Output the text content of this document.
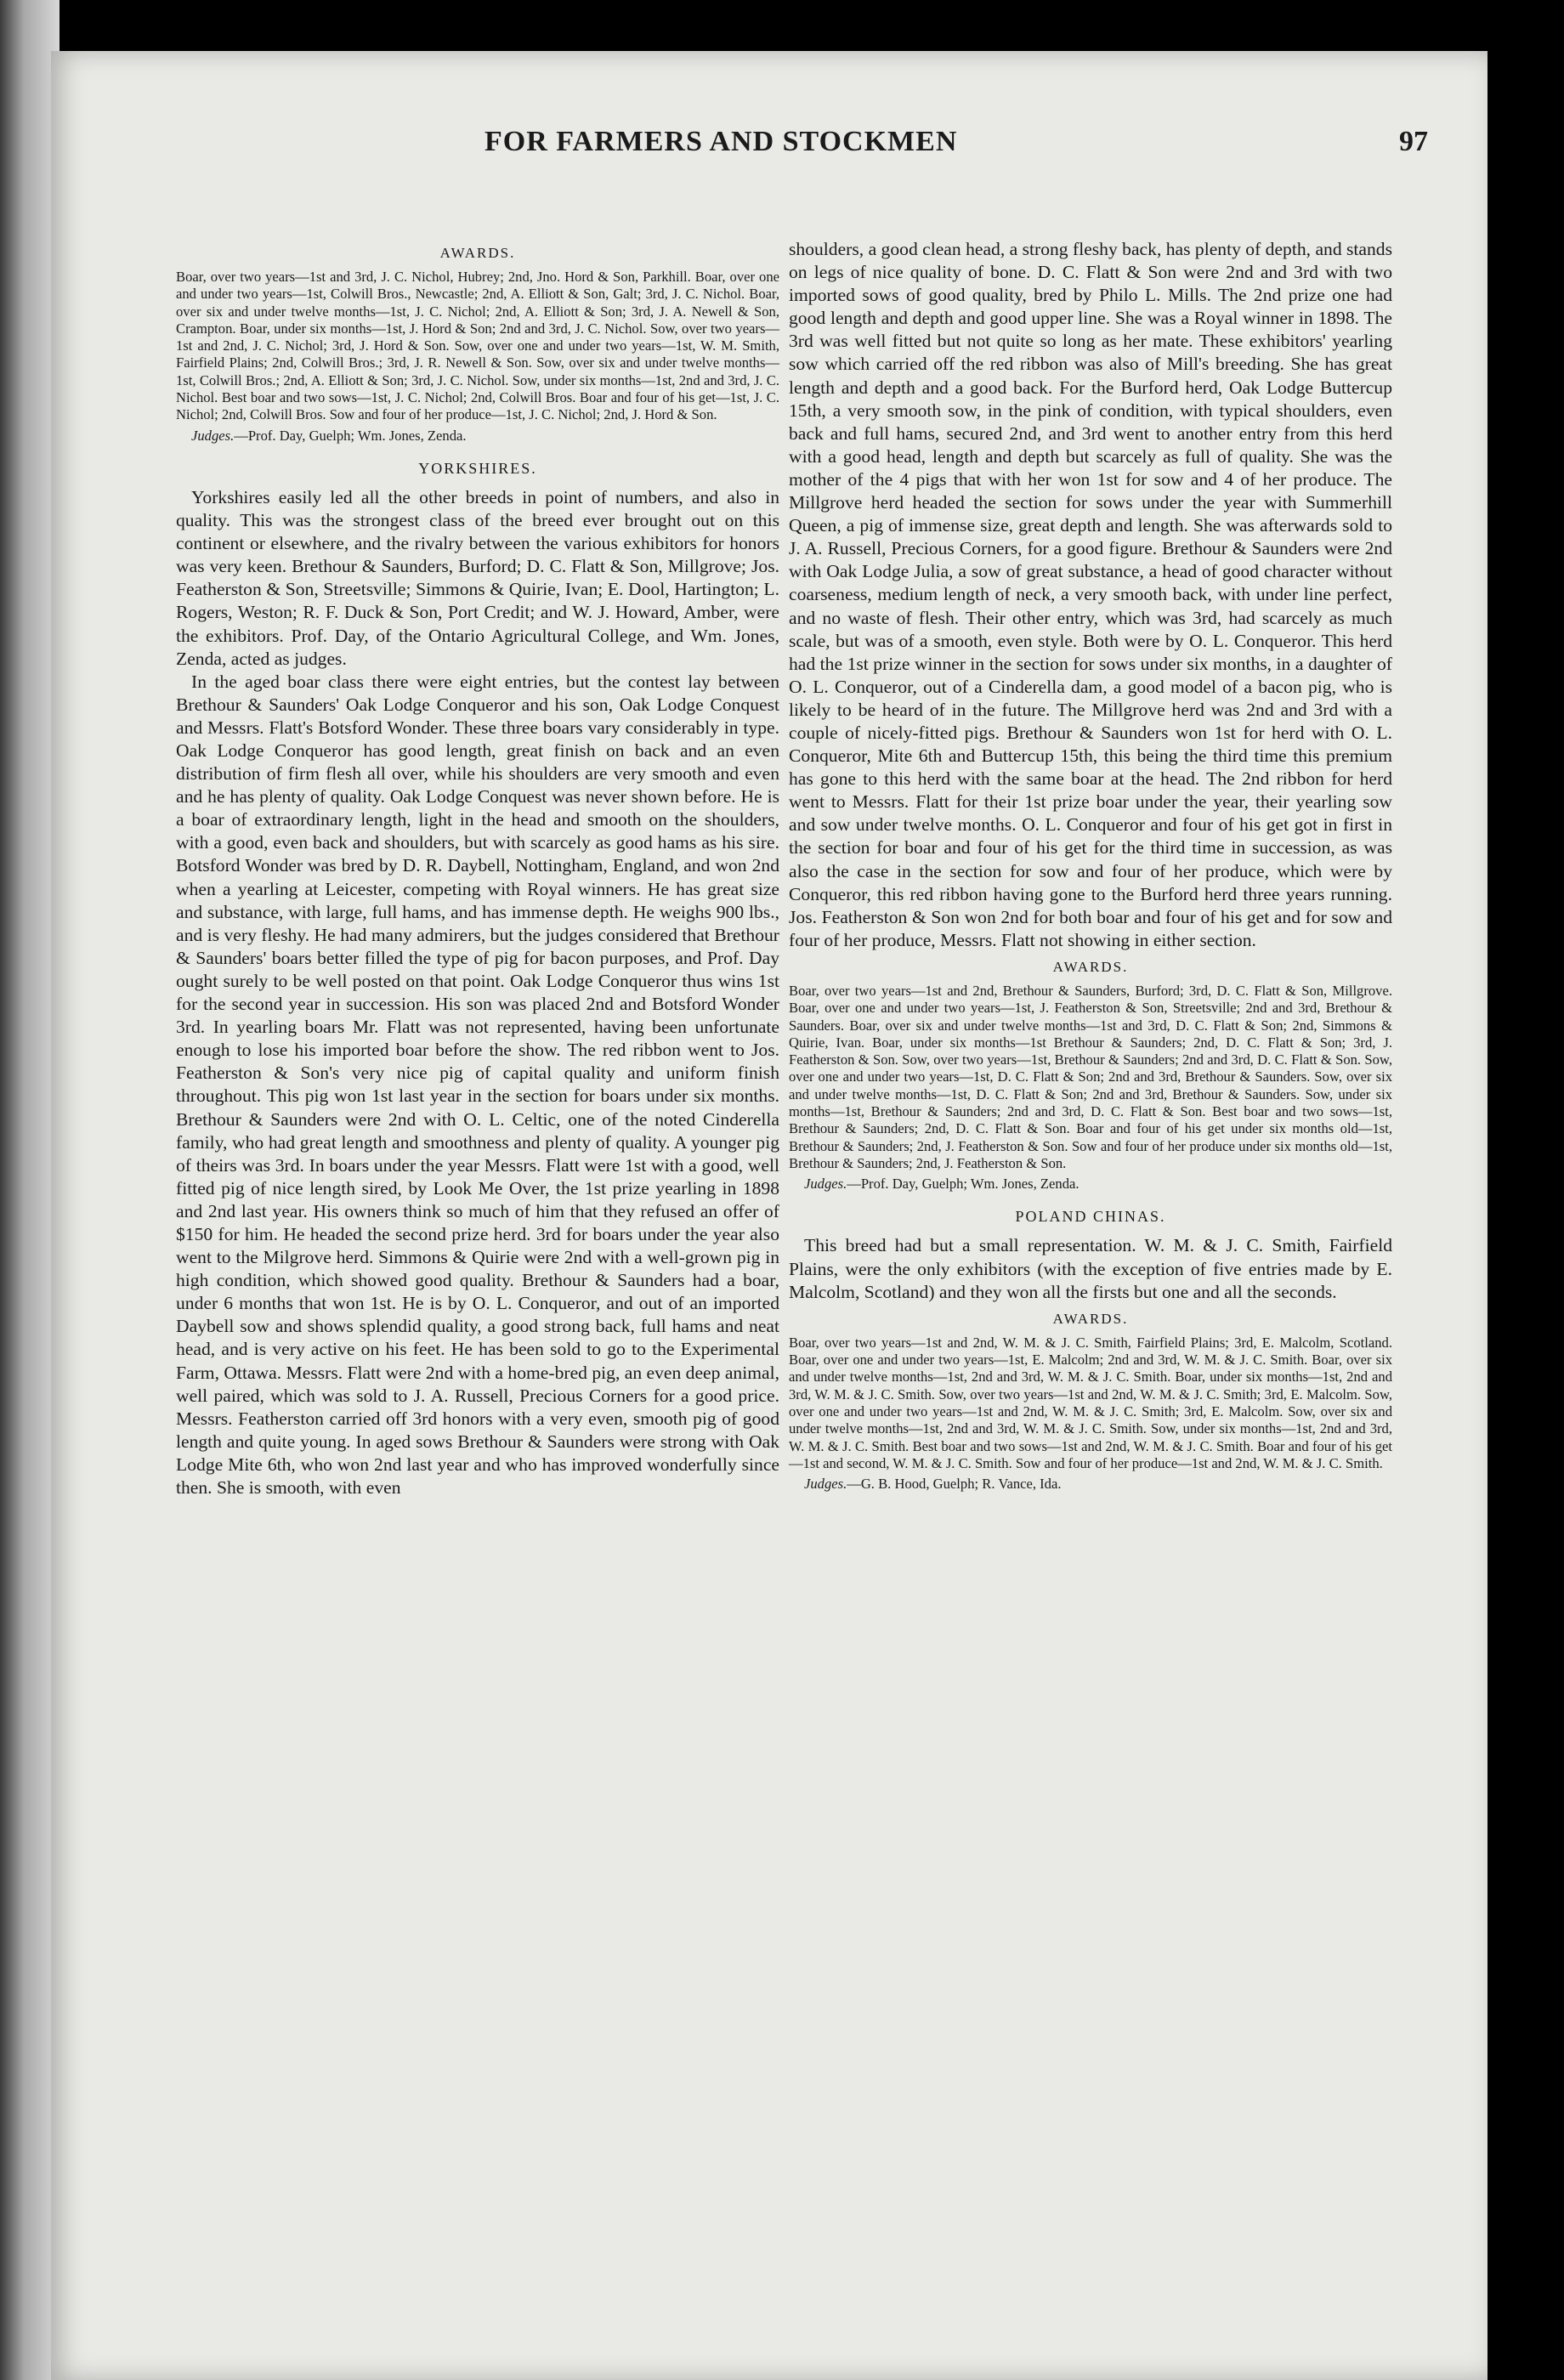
FOR FARMERS AND STOCKMEN	97
AWARDS.

Boar, over two years—1st and 3rd, J. C. Nichol, Hubrey; 2nd, Jno. Hord & Son, Parkhill. Boar, over one and under two years—1st, Colwill Bros., Newcastle; 2nd, A. Elliott & Son, Galt; 3rd, J. C. Nichol. Boar, over six and under twelve months—1st, J. C. Nichol; 2nd, A. Elliott & Son; 3rd, J. A. Newell & Son, Crampton. Boar, under six months—1st, J. Hord & Son; 2nd and 3rd, J. C. Nichol. Sow, over two years—1st and 2nd, J. C. Nichol; 3rd, J. Hord & Son. Sow, over one and under two years—1st, W. M. Smith, Fairfield Plains; 2nd, Colwill Bros.; 3rd, J. R. Newell & Son. Sow, over six and under twelve months—1st, Colwill Bros.; 2nd, A. Elliott & Son; 3rd, J. C. Nichol. Sow, under six months—1st, 2nd and 3rd, J. C. Nichol. Best boar and two sows—1st, J. C. Nichol; 2nd, Colwill Bros. Boar and four of his get—1st, J. C. Nichol; 2nd, Colwill Bros. Sow and four of her produce—1st, J. C. Nichol; 2nd, J. Hord & Son.

Judges.—Prof. Day, Guelph; Wm. Jones, Zenda.

YORKSHIRES.

Yorkshires easily led all the other breeds in point of numbers, and also in quality. This was the strongest class of the breed ever brought out on this continent or elsewhere, and the rivalry between the various exhibitors for honors was very keen. Brethour & Saunders, Burford; D. C. Flatt & Son, Millgrove; Jos. Featherston & Son, Streetsville; Simmons & Quirie, Ivan; E. Dool, Hartington; L. Rogers, Weston; R. F. Duck & Son, Port Credit; and W. J. Howard, Amber, were the exhibitors. Prof. Day, of the Ontario Agricultural College, and Wm. Jones, Zenda, acted as judges.

In the aged boar class there were eight entries, but the contest lay between Brethour & Saunders' Oak Lodge Conqueror and his son, Oak Lodge Conquest and Messrs. Flatt's Botsford Wonder. These three boars vary considerably in type. Oak Lodge Conqueror has good length, great finish on back and an even distribution of firm flesh all over, while his shoulders are very smooth and even and he has plenty of quality. Oak Lodge Conquest was never shown before. He is a boar of extraordinary length, light in the head and smooth on the shoulders, with a good, even back and shoulders, but with scarcely as good hams as his sire. Botsford Wonder was bred by D. R. Daybell, Nottingham, England, and won 2nd when a yearling at Leicester, competing with Royal winners. He has great size and substance, with large, full hams, and has immense depth. He weighs 900 lbs., and is very fleshy. He had many admirers, but the judges considered that Brethour & Saunders' boars better filled the type of pig for bacon purposes, and Prof. Day ought surely to be well posted on that point. Oak Lodge Conqueror thus wins 1st for the second year in succession. His son was placed 2nd and Botsford Wonder 3rd. In yearling boars Mr. Flatt was not represented, having been unfortunate enough to lose his imported boar before the show. The red ribbon went to Jos. Featherston & Son's very nice pig of capital quality and uniform finish throughout. This pig won 1st last year in the section for boars under six months. Brethour & Saunders were 2nd with O. L. Celtic, one of the noted Cinderella family, who had great length and smoothness and plenty of quality. A younger pig of theirs was 3rd. In boars under the year Messrs. Flatt were 1st with a good, well fitted pig of nice length sired, by Look Me Over, the 1st prize yearling in 1898 and 2nd last year. His owners think so much of him that they refused an offer of $150 for him. He headed the second prize herd. 3rd for boars under the year also went to the Milgrove herd. Simmons & Quirie were 2nd with a well-grown pig in high condition, which showed good quality. Brethour & Saunders had a boar, under 6 months that won 1st. He is by O. L. Conqueror, and out of an imported Daybell sow and shows splendid quality, a good strong back, full hams and neat head, and is very active on his feet. He has been sold to go to the Experimental Farm, Ottawa. Messrs. Flatt were 2nd with a home-bred pig, an even deep animal, well paired, which was sold to J. A. Russell, Precious Corners for a good price. Messrs. Featherston carried off 3rd honors with a very even, smooth pig of good length and quite young. In aged sows Brethour & Saunders were strong with Oak Lodge Mite 6th, who won 2nd last year and who has improved wonderfully since then. She is smooth, with even

shoulders, a good clean head, a strong fleshy back, has plenty of depth, and stands on legs of nice quality of bone. D. C. Flatt & Son were 2nd and 3rd with two imported sows of good quality, bred by Philo L. Mills. The 2nd prize one had good length and depth and good upper line. She was a Royal winner in 1898. The 3rd was well fitted but not quite so long as her mate. These exhibitors' yearling sow which carried off the red ribbon was also of Mill's breeding. She has great length and depth and a good back. For the Burford herd, Oak Lodge Buttercup 15th, a very smooth sow, in the pink of condition, with typical shoulders, even back and full hams, secured 2nd, and 3rd went to another entry from this herd with a good head, length and depth but scarcely as full of quality. She was the mother of the 4 pigs that with her won 1st for sow and 4 of her produce. The Millgrove herd headed the section for sows under the year with Summerhill Queen, a pig of immense size, great depth and length. She was afterwards sold to J. A. Russell, Precious Corners, for a good figure. Brethour & Saunders were 2nd with Oak Lodge Julia, a sow of great substance, a head of good character without coarseness, medium length of neck, a very smooth back, with under line perfect, and no waste of flesh. Their other entry, which was 3rd, had scarcely as much scale, but was of a smooth, even style. Both were by O. L. Conqueror. This herd had the 1st prize winner in the section for sows under six months, in a daughter of O. L. Conqueror, out of a Cinderella dam, a good model of a bacon pig, who is likely to be heard of in the future. The Millgrove herd was 2nd and 3rd with a couple of nicely-fitted pigs. Brethour & Saunders won 1st for herd with O. L. Conqueror, Mite 6th and Buttercup 15th, this being the third time this premium has gone to this herd with the same boar at the head. The 2nd ribbon for herd went to Messrs. Flatt for their 1st prize boar under the year, their yearling sow and sow under twelve months. O. L. Conqueror and four of his get got in first in the section for boar and four of his get for the third time in succession, as was also the case in the section for sow and four of her produce, which were by Conqueror, this red ribbon having gone to the Burford herd three years running. Jos. Featherston & Son won 2nd for both boar and four of his get and for sow and four of her produce, Messrs. Flatt not showing in either section.

AWARDS.

Boar, over two years—1st and 2nd, Brethour & Saunders, Burford; 3rd, D. C. Flatt & Son, Millgrove. Boar, over one and under two years—1st, J. Featherston & Son, Streetsville; 2nd and 3rd, Brethour & Saunders. Boar, over six and under twelve months—1st and 3rd, D. C. Flatt & Son; 2nd, Simmons & Quirie, Ivan. Boar, under six months—1st Brethour & Saunders; 2nd, D. C. Flatt & Son; 3rd, J. Featherston & Son. Sow, over two years—1st, Brethour & Saunders; 2nd and 3rd, D. C. Flatt & Son. Sow, over one and under two years—1st, D. C. Flatt & Son; 2nd and 3rd, Brethour & Saunders. Sow, over six and under twelve months—1st, D. C. Flatt & Son; 2nd and 3rd, Brethour & Saunders. Sow, under six months—1st, Brethour & Saunders; 2nd and 3rd, D. C. Flatt & Son. Best boar and two sows—1st, Brethour & Saunders; 2nd, D. C. Flatt & Son. Boar and four of his get under six months old—1st, Brethour & Saunders; 2nd, J. Featherston & Son. Sow and four of her produce under six months old—1st, Brethour & Saunders; 2nd, J. Featherston & Son.

Judges.—Prof. Day, Guelph; Wm. Jones, Zenda.

POLAND CHINAS.

This breed had but a small representation. W. M. & J. C. Smith, Fairfield Plains, were the only exhibitors (with the exception of five entries made by E. Malcolm, Scotland) and they won all the firsts but one and all the seconds.

AWARDS.

Boar, over two years—1st and 2nd, W. M. & J. C. Smith, Fairfield Plains; 3rd, E. Malcolm, Scotland. Boar, over one and under two years—1st, E. Malcolm; 2nd and 3rd, W. M. & J. C. Smith. Boar, over six and under twelve months—1st, 2nd and 3rd, W. M. & J. C. Smith. Boar, under six months—1st, 2nd and 3rd, W. M. & J. C. Smith. Sow, over two years—1st and 2nd, W. M. & J. C. Smith; 3rd, E. Malcolm. Sow, over one and under two years—1st and 2nd, W. M. & J. C. Smith; 3rd, E. Malcolm. Sow, over six and under twelve months—1st, 2nd and 3rd, W. M. & J. C. Smith. Sow, under six months—1st, 2nd and 3rd, W. M. & J. C. Smith. Best boar and two sows—1st and 2nd, W. M. & J. C. Smith. Boar and four of his get—1st and second, W. M. & J. C. Smith. Sow and four of her produce—1st and 2nd, W. M. & J. C. Smith.

Judges.—G. B. Hood, Guelph; R. Vance, Ida.
